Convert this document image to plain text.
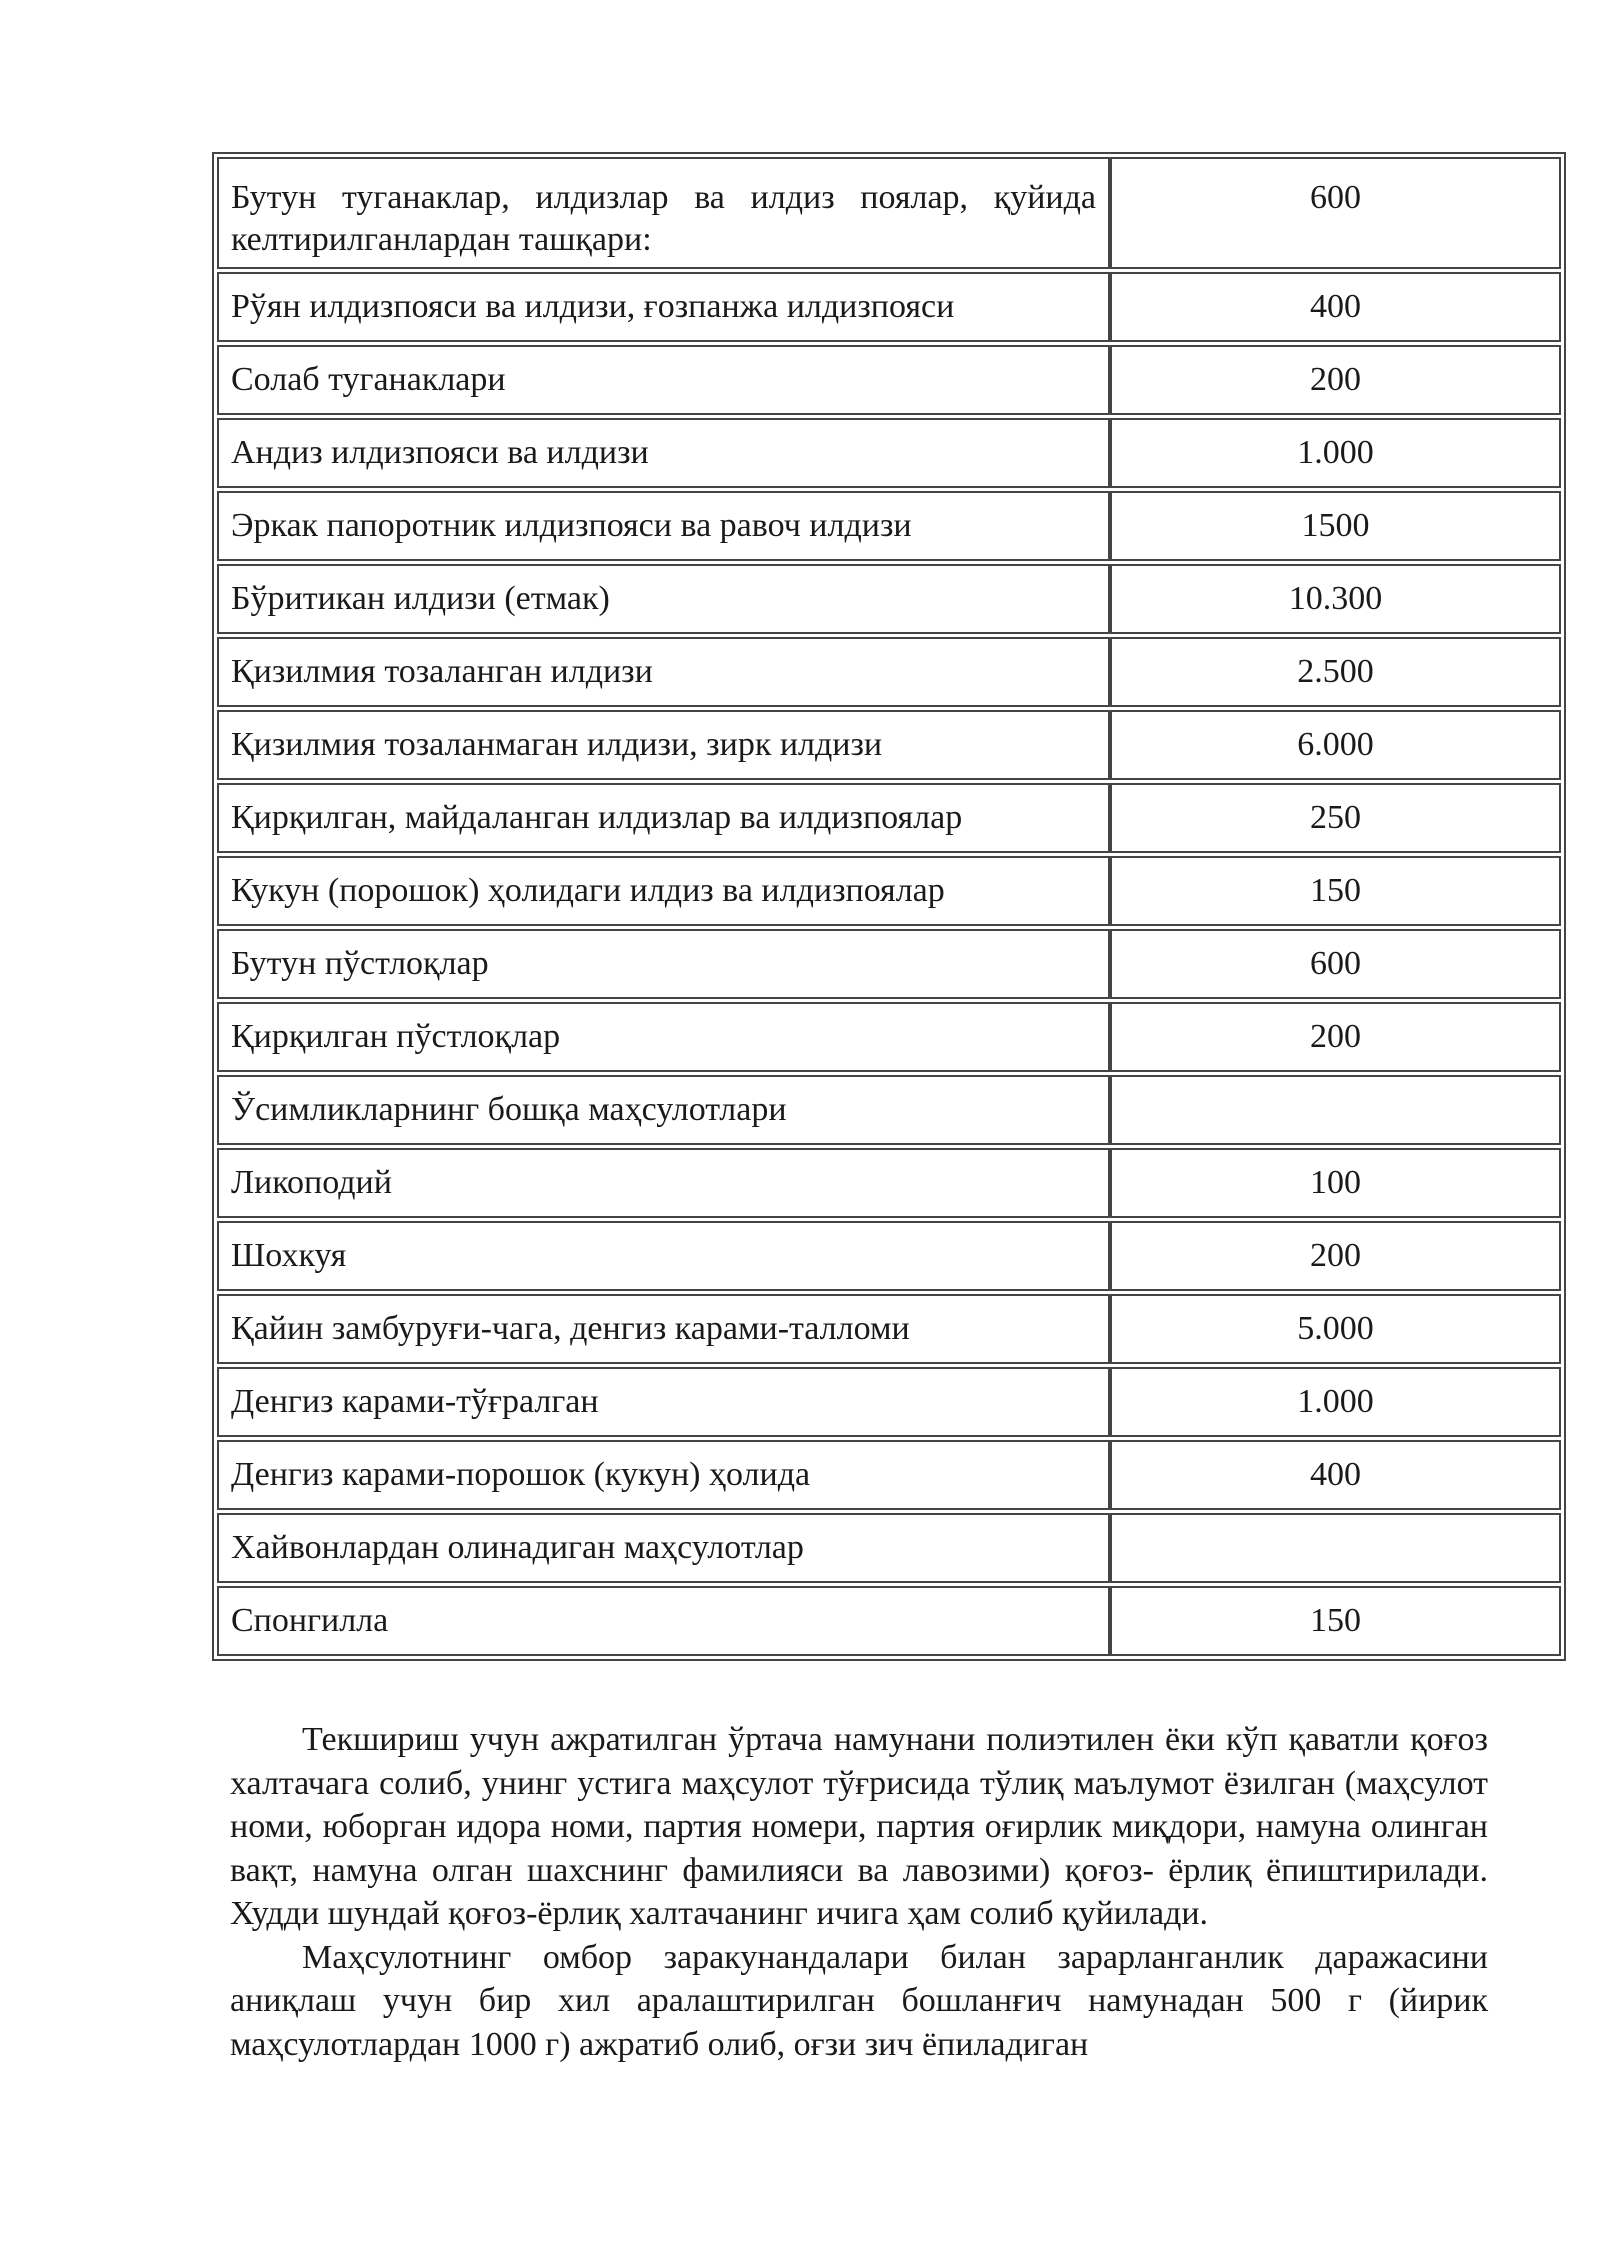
Бутун туганаклар, илдизлар ва илдиз поялар, қуйида келтирилганлардан ташқари:	600
Рўян илдизпояси ва илдизи, ғозпанжа илдизпояси	400
Солаб туганаклари	200
Андиз илдизпояси ва илдизи	1.000
Эркак папоротник илдизпояси ва равоч илдизи	1500
Бўритикан илдизи (етмак)	10.300
Қизилмия тозаланган илдизи	2.500
Қизилмия тозаланмаган илдизи, зирк илдизи	6.000
Қирқилган, майдаланган илдизлар ва илдизпоялар	250
Кукун (порошок) ҳолидаги илдиз ва илдизпоялар	150
Бутун пўстлоқлар	600
Қирқилган пўстлоқлар	200
Ўсимликларнинг бошқа маҳсулотлари	
Ликоподий	100
Шохкуя	200
Қайин замбуруғи-чага, денгиз карами-талломи	5.000
Денгиз карами-тўғралган	1.000
Денгиз карами-порошок (кукун) ҳолида	400
Хайвонлардан олинадиган маҳсулотлар	
Спонгилла	150

Текшириш учун ажратилган ўртача намунани полиэтилен ёки кўп қаватли қоғоз халтачага солиб, унинг устига маҳсулот тўғрисида тўлиқ маълумот ёзилган (маҳсулот номи, юборган идора номи, партия номери, партия оғирлик миқдори, намуна олинган вақт, намуна олган шахснинг фамилияси ва лавозими) қоғоз- ёрлиқ ёпиштирилади. Худди шундай қоғоз-ёрлиқ халтачанинг ичига ҳам солиб қуйилади.

Маҳсулотнинг омбор заракунандалари билан зарарланганлик даражасини аниқлаш учун бир хил аралаштирилган бошланғич намунадан 500 г (йирик маҳсулотлардан 1000 г) ажратиб олиб, оғзи зич ёпиладиган
